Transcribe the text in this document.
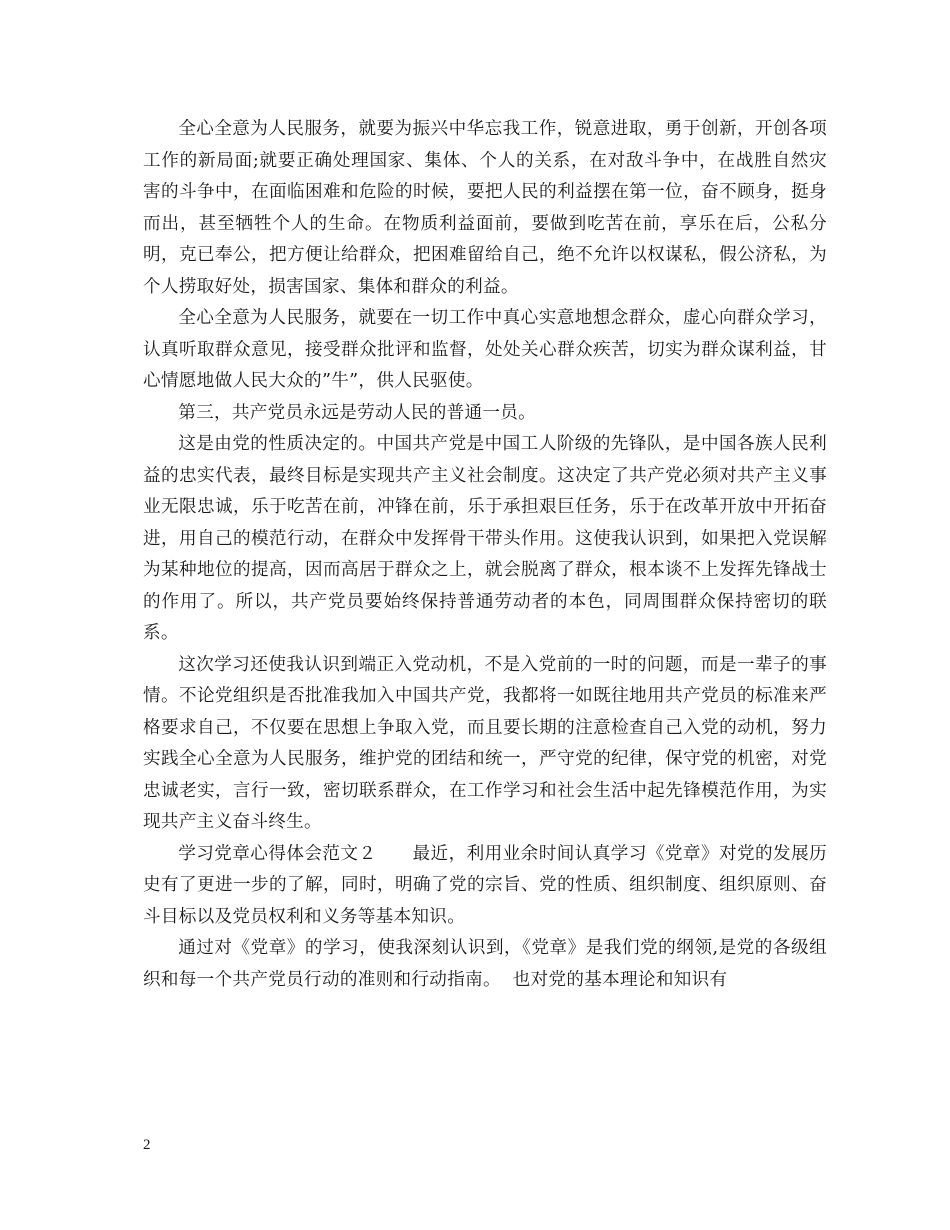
全心全意为人民服务，就要为振兴中华忘我工作，锐意进取，勇于创新，开创各项工作的新局面;就要正确处理国家、集体、个人的关系，在对敌斗争中，在战胜自然灾害的斗争中，在面临困难和危险的时候，要把人民的利益摆在第一位，奋不顾身，挺身而出，甚至牺牲个人的生命。在物质利益面前，要做到吃苦在前，享乐在后，公私分明，克已奉公，把方便让给群众，把困难留给自己，绝不允许以权谋私，假公济私，为个人捞取好处，损害国家、集体和群众的利益。

全心全意为人民服务，就要在一切工作中真心实意地想念群众，虚心向群众学习，认真听取群众意见，接受群众批评和监督，处处关心群众疾苦，切实为群众谋利益，甘心情愿地做人民大众的”牛”，供人民驱使。

第三，共产党员永远是劳动人民的普通一员。

这是由党的性质决定的。中国共产党是中国工人阶级的先锋队，是中国各族人民利益的忠实代表，最终目标是实现共产主义社会制度。这决定了共产党必须对共产主义事业无限忠诚，乐于吃苦在前，冲锋在前，乐于承担艰巨任务，乐于在改革开放中开拓奋进，用自己的模范行动，在群众中发挥骨干带头作用。这使我认识到，如果把入党误解为某种地位的提高，因而高居于群众之上，就会脱离了群众，根本谈不上发挥先锋战士的作用了。所以，共产党员要始终保持普通劳动者的本色，同周围群众保持密切的联系。

这次学习还使我认识到端正入党动机，不是入党前的一时的问题，而是一辈子的事情。不论党组织是否批准我加入中国共产党，我都将一如既往地用共产党员的标准来严格要求自己，不仅要在思想上争取入党，而且要长期的注意检查自己入党的动机，努力实践全心全意为人民服务，维护党的团结和统一，严守党的纪律，保守党的机密，对党忠诚老实，言行一致，密切联系群众，在工作学习和社会生活中起先锋模范作用，为实现共产主义奋斗终生。

学习党章心得体会范文２　　最近，利用业余时间认真学习《党章》对党的发展历史有了更进一步的了解，同时，明确了党的宗旨、党的性质、组织制度、组织原则、奋斗目标以及党员权利和义务等基本知识。

通过对《党章》的学习，使我深刻认识到，《党章》是我们党的纲领,是党的各级组织和每一个共产党员行动的准则和行动指南。  也对党的基本理论和知识有

2
